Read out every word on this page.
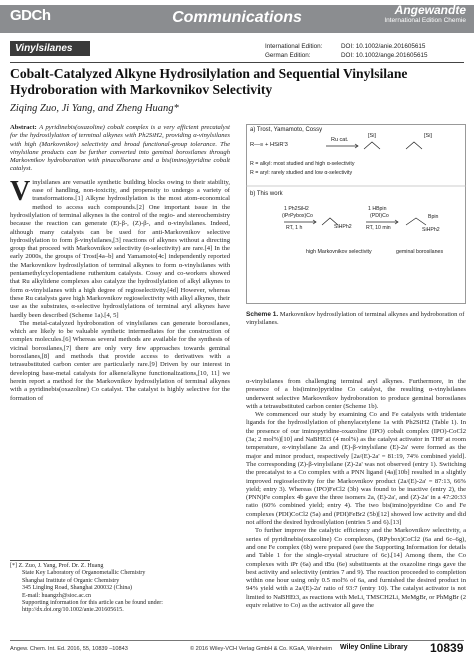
GDCh	Communications	Angewandte
International Edition Chemie
Vinylsilanes	International Edition:	DOI: 10.1002/anie.201605615
German Edition:	DOI: 10.1002/ange.201605615
Cobalt-Catalyzed Alkyne Hydrosilylation and Sequential Vinylsilane Hydroboration with Markovnikov Selectivity
Ziqing Zuo, Ji Yang, and Zheng Huang*
Abstract: A pyridinebis(oxazoline) cobalt complex is a very efficient precatalyst for the hydrosilylation of terminal alkynes with Ph2SiH2, providing α-vinylsilanes with high (Markovnikov) selectivity and broad functional-group tolerance. The vinylsilane products can be further converted into geminal borosilanes through Markovnikov hydroboration with pinacolborane and a bis(imino)pyridine cobalt catalyst.
Vinylsilanes are versatile synthetic building blocks owing to their stability, ease of handling, non-toxicity, and propensity to undergo a variety of transformations.[1] Alkyne hydrosilylation is the most atom-economical method to access such compounds.[2] One important issue in the hydrosilylation of terminal alkynes is the control of the regio- and stereochemistry because the reaction can generate (E)-β-, (Z)-β-, and α-vinylsilanes. Indeed, although many catalysts can be used for anti-Markovnikov selective hydrosilylation to form β-vinylsilanes,[3] reactions of alkynes without a directing group that proceed with Markovnikov selectivity (α-selectivity) are rare.[4] In the early 2000s, the groups of Trost[4a–b] and Yamamoto[4c] independently reported the Markovnikov hydrosilylation of terminal alkynes to form α-vinylsilanes with pentamethylcyclopentadiene ruthenium catalysts. Cossy and co-workers showed that Ru alkylidene complexes also catalyze the hydrosilylation of alkyl alkynes to form α-vinylsilanes with a high degree of regioselectivity.[4d] However, whereas these Ru catalysts gave high Markovnikov regioselectivity with alkyl alkynes, their use as the substrates, α-selective hydrosilylations of terminal aryl alkynes have hardly been described (Scheme 1a).[4, 5]
The metal-catalyzed hydroboration of vinylsilanes can generate borosilanes, which are likely to be valuable synthetic intermediates for the construction of complex molecules.[6] Whereas several methods are available for the synthesis of vicinal borosilanes,[7] there are only very few approaches towards geminal borosilanes,[8] and methods that provide access to derivatives with a tetrasubstituted carbon center are particularly rare.[9] Driven by our interest in developing base-metal catalysts for alkene/alkyne functionalizations,[10, 11] we herein report a method for the Markovnikov hydrosilylation of terminal alkynes with a pyridinebis(oxazoline) Co catalyst. The catalyst is highly selective for the formation of
[*] Z. Zuo, J. Yang, Prof. Dr. Z. Huang
State Key Laboratory of Organometallic Chemistry
Shanghai Institute of Organic Chemistry
345 Lingling Road, Shanghai 200032 (China)
E-mail: huangzh@sioc.ac.cn
Supporting information for this article can be found under:
http://dx.doi.org/10.1002/anie.201605615.
a) Trost, Yamamoto, Cossy
R—≡ + HSiR'3
Ru cat.
[Si]	[Si]
R = alkyl: most studied and high α-selectivity
R = aryl: rarely studied and low α-selectivity
b) This work
1 Ph2SiH2
(iPrPybox)Co
RT, 1 h	SiHPh2
1 HBpin
(PDI)Co
RT, 10 min
Bpin
SiHPh2
high Markovnikov selectivity	geminal borosilanes
Scheme 1. Markovnikov hydrosilylation of terminal alkynes and hydroboration of vinylsilanes.
α-vinylsilanes from challenging terminal aryl alkynes. Furthermore, in the presence of a bis(imino)pyridine Co catalyst, the resulting α-vinylsilanes underwent selective Markovnikov hydroboration to produce geminal borosilanes with a tetrasubstituted carbon center (Scheme 1b).
We commenced our study by examining Co and Fe catalysts with tridentate ligands for the hydrosilylation of phenylacetylene 1a with Ph2SiH2 (Table 1). In the presence of our iminopyridine-oxazoline (IPO) cobalt complex (IPO)-CoCl2 (3a; 2 mol%)[10] and NaBHEt3 (4 mol%) as the catalyst activator in THF at room temperature, α-vinylsilane 2a and (E)-β-vinylsilane (E)-2a' were formed as the major and minor product, respectively [2a/(E)-2a' = 81:19, 74% combined yield]. The corresponding (Z)-β-vinylsilane (Z)-2a' was not observed (entry 1). Switching the precatalyst to a Co complex with a PNN ligand (4a)[10b] resulted in a slightly improved regioselectivity for the Markovnikov product (2a/(E)-2a' = 87:13, 66% yield; entry 3). Whereas (IPO)FeCl2 (3b) was found to be inactive (entry 2), the (PNN)Fe complex 4b gave the three isomers 2a, (E)-2a', and (Z)-2a' in a 47:20:33 ratio (60% combined yield; entry 4). The two bis(imino)pyridine Co and Fe complexes (PDI)CoCl2 (5a) and (PDI)FeBr2 (5b)[12] showed low activity and did not afford the desired hydrosilylation (entries 5 and 6).[13]
To further improve the catalytic efficiency and the Markovnikov selectivity, a series of pyridinebis(oxazoline) Co complexes, (RPybox)CoCl2 (6a and 6c–6g), and one Fe complex (6b) were prepared (see the Supporting Information for details and Table 1 for the single-crystal structure of 6c).[14] Among them, the Co complexes with iPr (6a) and tBu (6e) substituents at the oxazoline rings gave the best activity and selectivity (entries 7 and 9). The reaction proceeded to completion within one hour using only 0.5 mol% of 6a, and furnished the desired product in 94% yield with a 2a/(E)-2a' ratio of 93:7 (entry 10). The catalyst activator is not limited to NaBHEt3, as reactions with MeLi, TMSCH2Li, MeMgBr, or PhMgBr (2 equiv relative to Co) as the activator all gave the
Angew. Chem. Int. Ed. 2016, 55, 10839 –10843	© 2016 Wiley-VCH Verlag GmbH & Co. KGaA, Weinheim Wiley Online Library 10839
